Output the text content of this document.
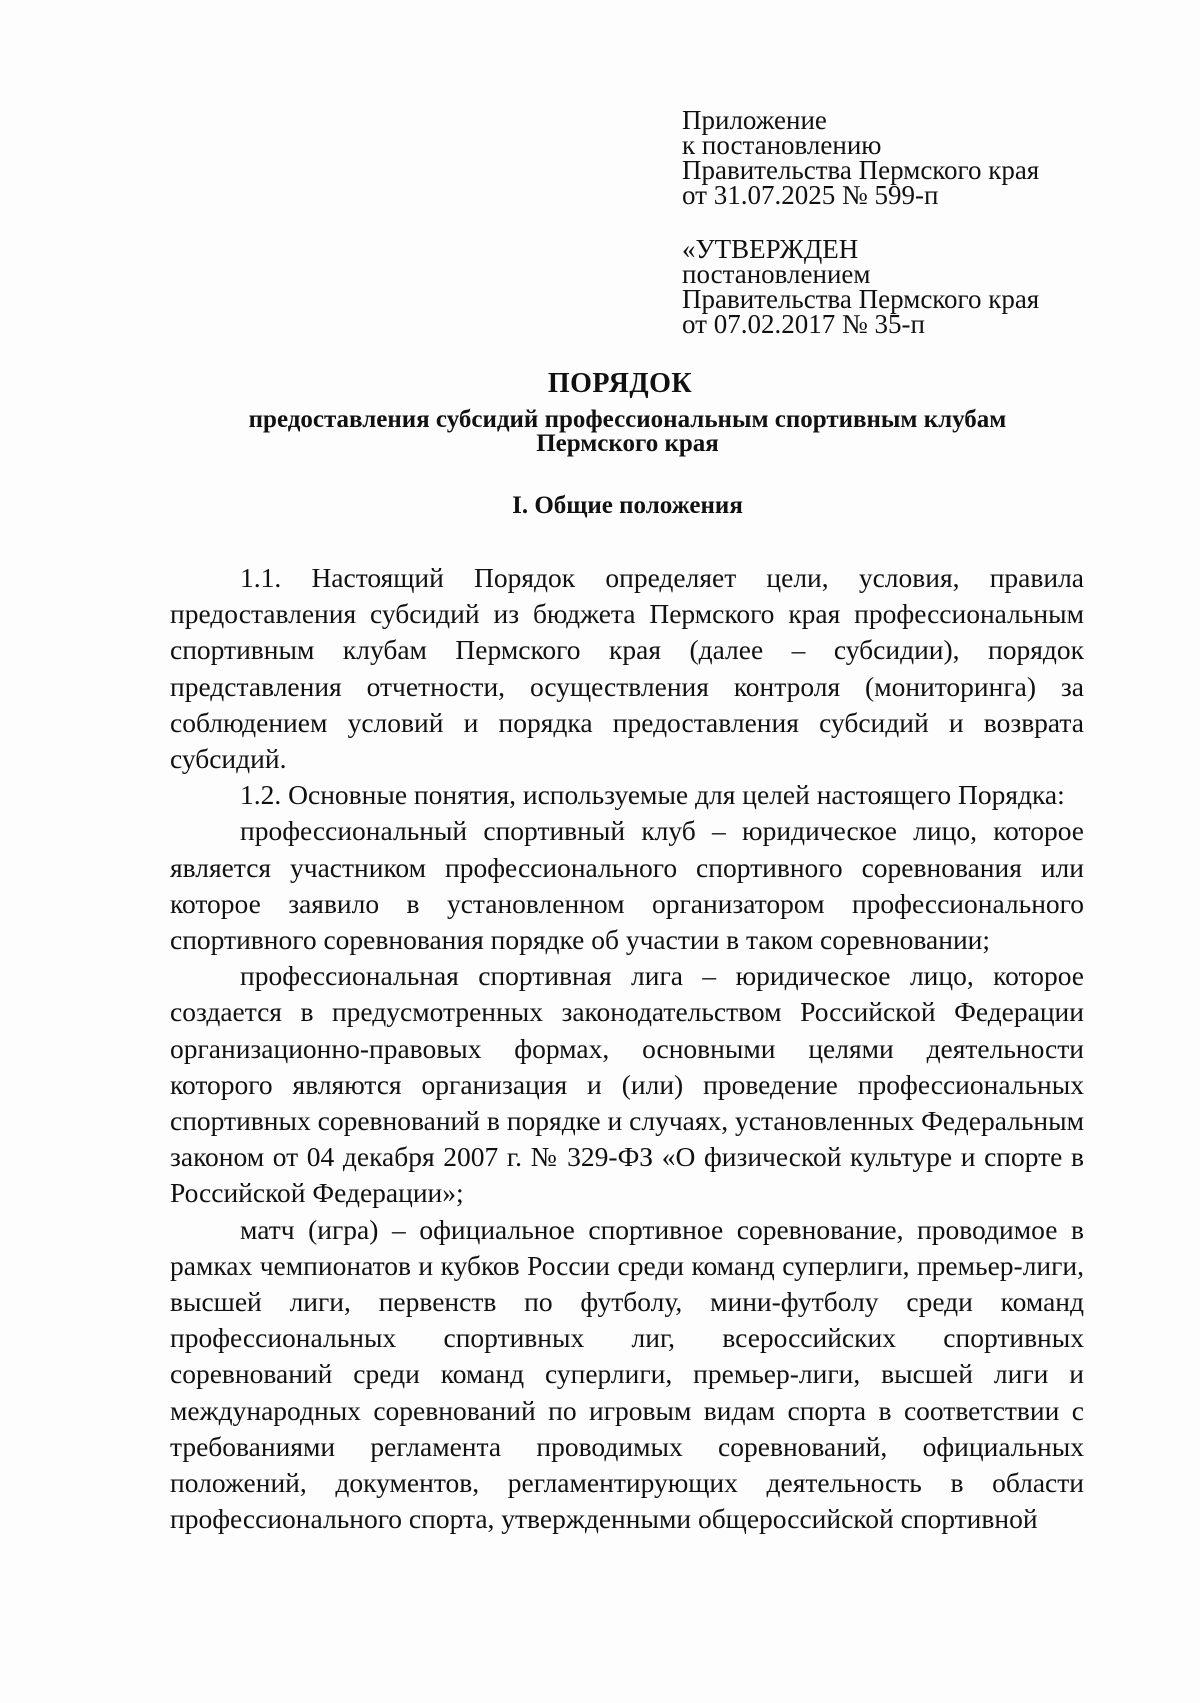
Приложение
к постановлению
Правительства Пермского края
от 31.07.2025 № 599-п
«УТВЕРЖДЕН
постановлением
Правительства Пермского края
от 07.02.2017 № 35-п
ПОРЯДОК
предоставления субсидий профессиональным спортивным клубам
Пермского края
I. Общие положения

1.1. Настоящий Порядок определяет цели, условия, правила предоставления субсидий из бюджета Пермского края профессиональным спортивным клубам Пермского края (далее – субсидии), порядок представления отчетности, осуществления контроля (мониторинга) за соблюдением условий и порядка предоставления субсидий и возврата субсидий.

1.2. Основные понятия, используемые для целей настоящего Порядка:

профессиональный спортивный клуб – юридическое лицо, которое является участником профессионального спортивного соревнования или которое заявило в установленном организатором профессионального спортивного соревнования порядке об участии в таком соревновании;

профессиональная спортивная лига – юридическое лицо, которое создается в предусмотренных законодательством Российской Федерации организационно-правовых формах, основными целями деятельности которого являются организация и (или) проведение профессиональных спортивных соревнований в порядке и случаях, установленных Федеральным законом от 04 декабря 2007 г. № 329-ФЗ «О физической культуре и спорте в Российской Федерации»;

матч (игра) – официальное спортивное соревнование, проводимое в рамках чемпионатов и кубков России среди команд суперлиги, премьер-лиги, высшей лиги, первенств по футболу, мини-футболу среди команд профессиональных спортивных лиг, всероссийских спортивных соревнований среди команд суперлиги, премьер-лиги, высшей лиги и международных соревнований по игровым видам спорта в соответствии с требованиями регламента проводимых соревнований, официальных положений, документов, регламентирующих деятельность в области профессионального спорта, утвержденными общероссийской спортивной
